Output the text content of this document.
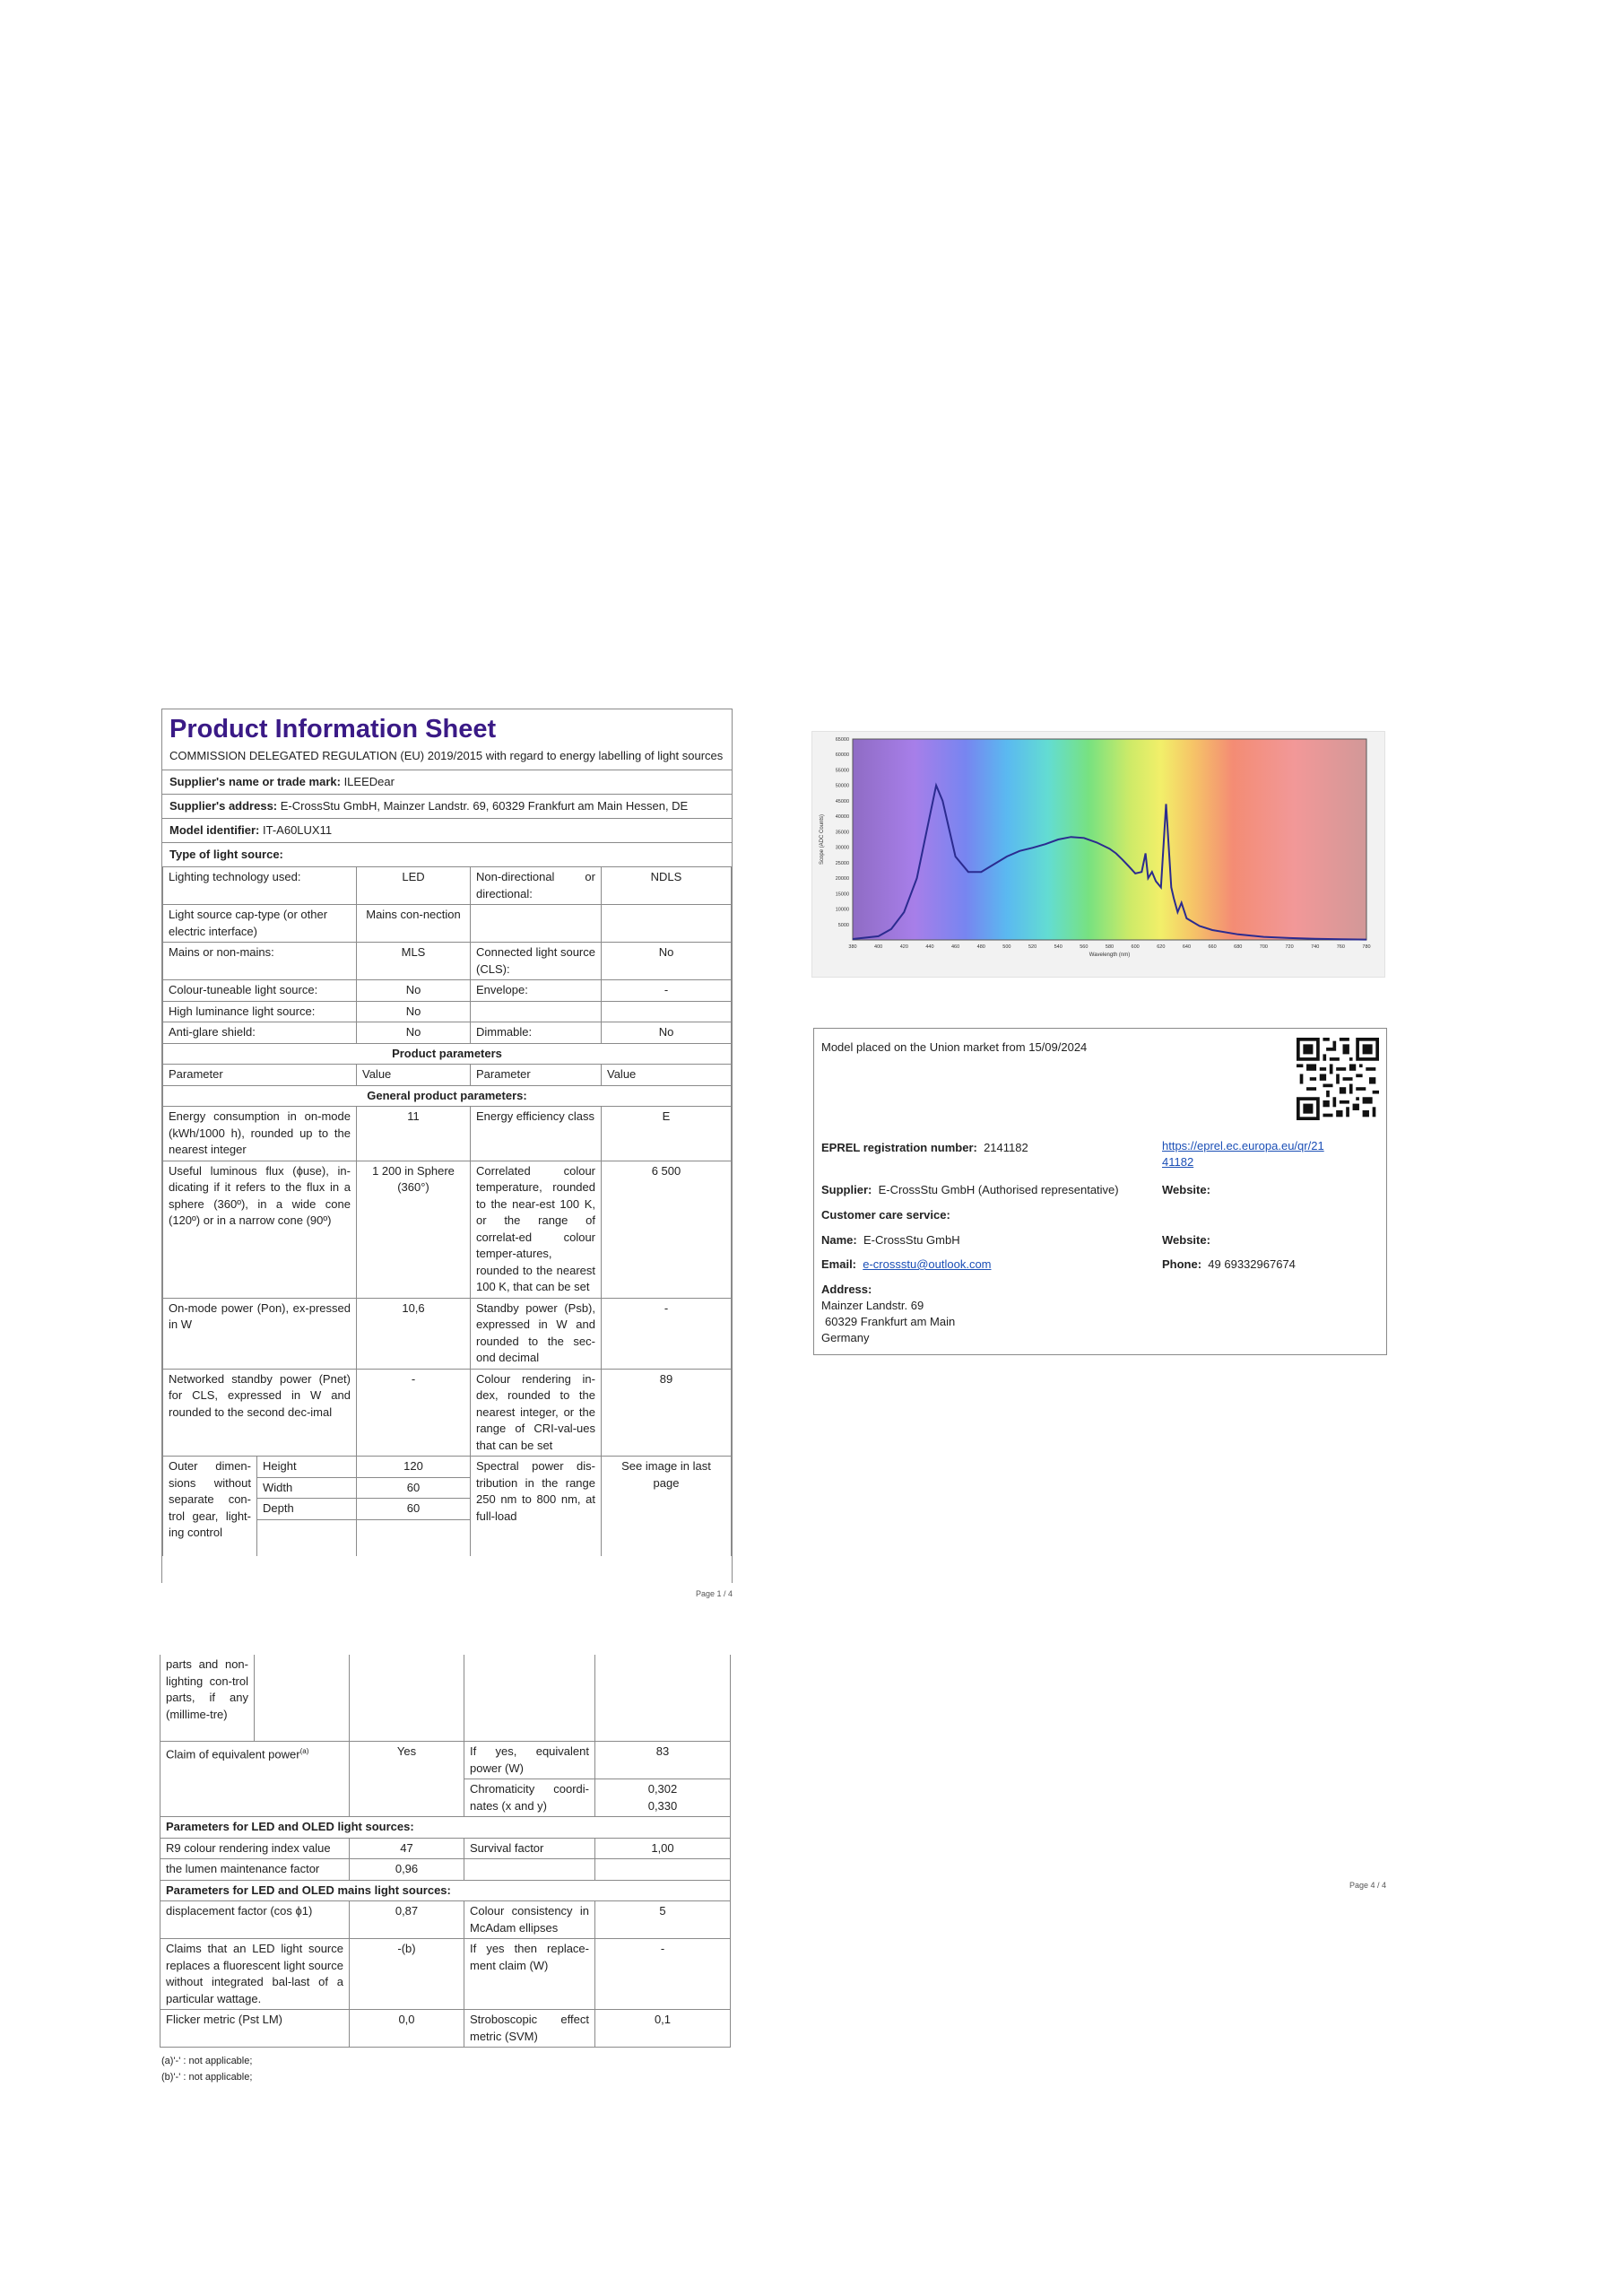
Product Information Sheet
COMMISSION DELEGATED REGULATION (EU) 2019/2015 with regard to energy labelling of light sources
Supplier's name or trade mark: ILEEDear
Supplier's address: E-CrossStu GmbH, Mainzer Landstr. 69, 60329 Frankfurt am Main Hessen, DE
Model identifier: IT-A60LUX11
Type of light source:
Lighting technology used:	LED	Non-directional or directional:	NDLS
Light source cap-type (or other electric interface)	Mains con-nection		
Mains or non-mains:	MLS	Connected light source (CLS):	No
Colour-tuneable light source:	No	Envelope:	-
High luminance light source:	No		
Anti-glare shield:	No	Dimmable:	No
Product parameters			
Parameter	Value	Parameter	Value
General product parameters:			
Energy consumption in on-mode (kWh/1000 h), rounded up to the nearest integer	11	Energy efficiency class	E
Useful luminous flux (ϕuse), in-dicating if it refers to the flux in a sphere (360º), in a wide cone (120º) or in a narrow cone (90º)	1 200 in Sphere (360°)	Correlated colour temperature, rounded to the near-est 100 K, or the range of correlat-ed colour temper-atures, rounded to the nearest 100 K, that can be set	6 500
On-mode power (Pon), ex-pressed in W	10,6	Standby power (Psb), expressed in W and rounded to the sec-ond decimal	-
Networked standby power (Pnet) for CLS, expressed in W and rounded to the second dec-imal	-	Colour rendering in-dex, rounded to the nearest integer, or the range of CRI-val-ues that can be set	89
Outer dimen-sions without separate con-trol gear, light-ing control	Height	120	Spectral power dis-tribution in the range 250 nm to 800 nm, at full-load	See image in last page
	Width	60		
	Depth	60		

Page 1 / 4
parts and non-lighting con-trol parts, if any (millime-tre)				
Claim of equivalent power$^{(a)}$		Yes	If yes, equivalent power (W)	83
			Chromaticity coordi-nates (x and y)	0,302
0,330

Parameters for LED and OLED light sources:				
R9 colour rendering index value		47	Survival factor	1,00
the lumen maintenance factor		0,96		
Parameters for LED and OLED mains light sources:				
displacement factor (cos ϕ1)		0,87	Colour consistency in McAdam ellipses	5
Claims that an LED light source replaces a fluorescent light source without integrated bal-last of a particular wattage.		-(b)	If yes then replace-ment claim (W)	-
Flicker metric (Pst LM)		0,0	Stroboscopic effect metric (SVM)	0,1
(a)'-' : not applicable;
(b)'-' : not applicable;
5000
10000
15000
20000
25000
30000
35000
40000
45000
50000
55000
60000
65000
380	400	420	440	460	480	500	520	540	560	580	600	620	640	660	680	700	720	740	760	780
Wavelength (nm)
Scope (ADC Counts)
Model placed on the Union market from 15/09/2024
EPREL registration number: 2141182	https://eprel.ec.europa.eu/qr/21
41182
Supplier: E-CrossStu GmbH (Authorised representative)	Website:
Customer care service:
Name: E-CrossStu GmbH	Website:
Email: e-crossstu@outlook.com	Phone: 49 69332967674
Address:
Mainzer Landstr. 69
60329 Frankfurt am Main
Germany
Page 4 / 4
